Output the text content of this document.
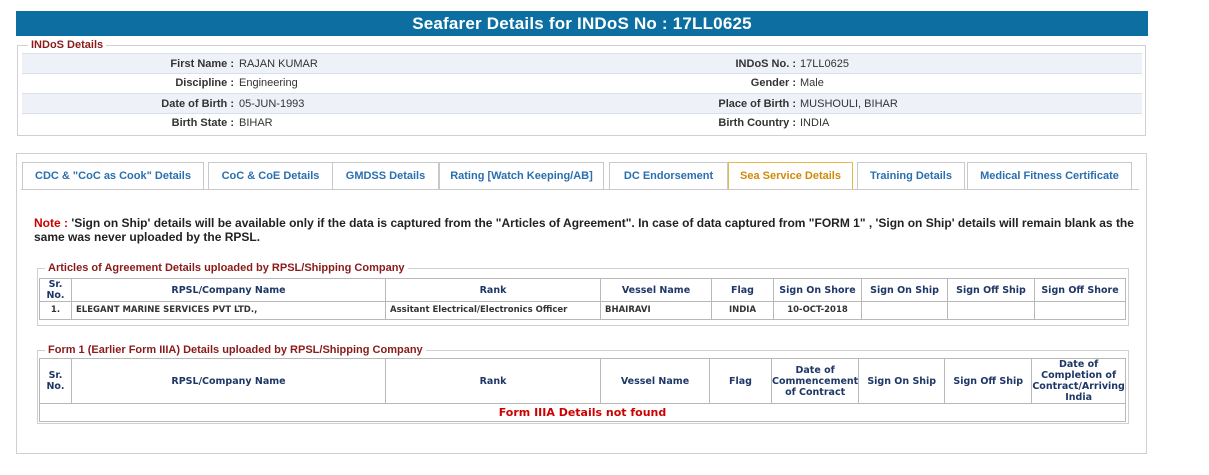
Seafarer Details for INDoS No : 17LL0625
INDoS Details
First Name : RAJAN KUMAR	INDoS No. : 17LL0625
Discipline : Engineering	Gender : Male
Date of Birth : 05-JUN-1993	Place of Birth : MUSHOULI, BIHAR
Birth State : BIHAR	Birth Country : INDIA
CDC & "CoC as Cook" Details	CoC & CoE Details	GMDSS Details	Rating [Watch Keeping/AB]	DC Endorsement	Sea Service Details	Training Details	Medical Fitness Certificate
Note : 'Sign on Ship' details will be available only if the data is captured from the "Articles of Agreement". In case of data captured from "FORM 1" , 'Sign on Ship' details will remain blank as the same was never uploaded by the RPSL.
Articles of Agreement Details uploaded by RPSL/Shipping Company
Sr. No.	RPSL/Company Name	Rank	Vessel Name	Flag	Sign On Shore	Sign On Ship	Sign Off Ship	Sign Off Shore
1.	ELEGANT MARINE SERVICES PVT LTD.,	Assitant Electrical/Electronics Officer	BHAIRAVI	INDIA	10-OCT-2018			
Form 1 (Earlier Form IIIA) Details uploaded by RPSL/Shipping Company
Sr. No.	RPSL/Company Name	Rank	Vessel Name	Flag	Date of Commencement of Contract	Sign On Ship	Sign Off Ship	Date of Completion of Contract/Arriving India
Form IIIA Details not found
